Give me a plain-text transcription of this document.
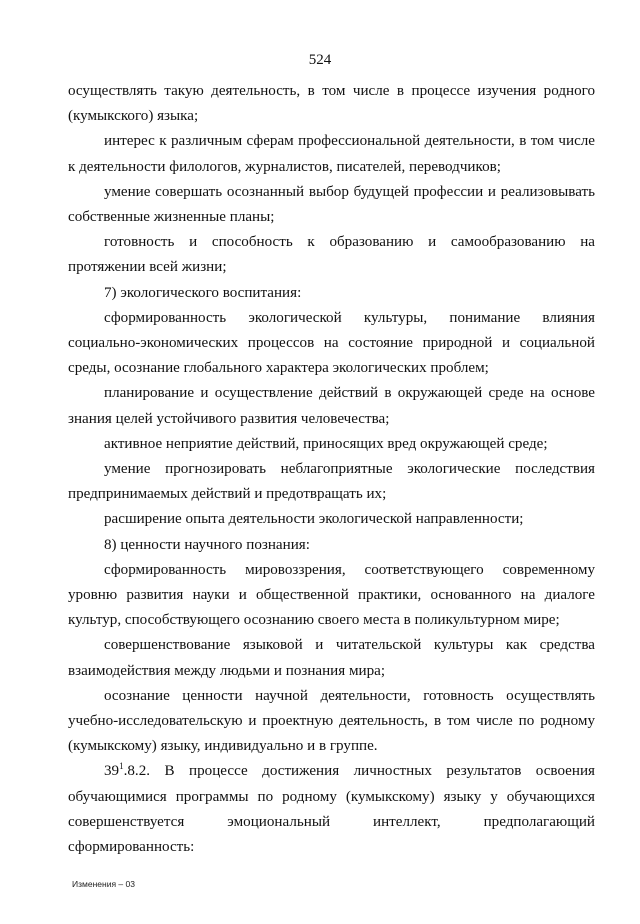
524

осуществлять такую деятельность, в том числе в процессе изучения родного (кумыкского) языка;

интерес к различным сферам профессиональной деятельности, в том числе к деятельности филологов, журналистов, писателей, переводчиков;

умение совершать осознанный выбор будущей профессии и реализовывать собственные жизненные планы;

готовность и способность к образованию и самообразованию на протяжении всей жизни;

7) экологического воспитания:

сформированность экологической культуры, понимание влияния социально-экономических процессов на состояние природной и социальной среды, осознание глобального характера экологических проблем;

планирование и осуществление действий в окружающей среде на основе знания целей устойчивого развития человечества;

активное неприятие действий, приносящих вред окружающей среде;

умение прогнозировать неблагоприятные экологические последствия предпринимаемых действий и предотвращать их;

расширение опыта деятельности экологической направленности;

8) ценности научного познания:

сформированность мировоззрения, соответствующего современному уровню развития науки и общественной практики, основанного на диалоге культур, способствующего осознанию своего места в поликультурном мире;

совершенствование языковой и читательской культуры как средства взаимодействия между людьми и познания мира;

осознание ценности научной деятельности, готовность осуществлять учебно-исследовательскую и проектную деятельность, в том числе по родному (кумыкскому) языку, индивидуально и в группе.

$39^1.8.2$. В процессе достижения личностных результатов освоения обучающимися программы по родному (кумыкскому) языку у обучающихся совершенствуется эмоциональный интеллект, предполагающий сформированность:

Изменения – 03
